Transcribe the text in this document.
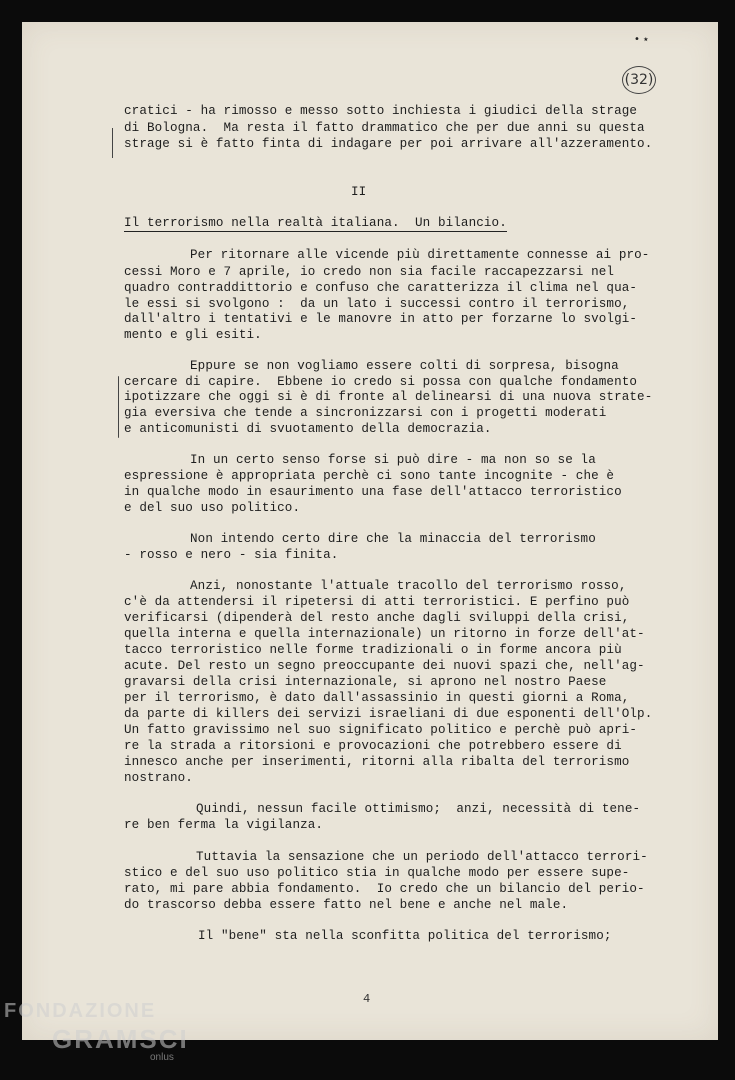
(32)
• ٭
cratici - ha rimosso e messo sotto inchiesta i giudici della strage
di Bologna.  Ma resta il fatto drammatico che per due anni su questa
strage si è fatto finta di indagare per poi arrivare all'azzeramento.
II
Il terrorismo nella realtà italiana.  Un bilancio.
Per ritornare alle vicende più direttamente connesse ai pro-
cessi Moro e 7 aprile, io credo non sia facile raccapezzarsi nel
quadro contraddittorio e confuso che caratterizza il clima nel qua-
le essi si svolgono :  da un lato i successi contro il terrorismo,
dall'altro i tentativi e le manovre in atto per forzarne lo svolgi-
mento e gli esiti.
Eppure se non vogliamo essere colti di sorpresa, bisogna
cercare di capire.  Ebbene io credo si possa con qualche fondamento
ipotizzare che oggi si è di fronte al delinearsi di una nuova strate-
gia eversiva che tende a sincronizzarsi con i progetti moderati
e anticomunisti di svuotamento della democrazia.
In un certo senso forse si può dire - ma non so se la
espressione è appropriata perchè ci sono tante incognite - che è
in qualche modo in esaurimento una fase dell'attacco terroristico
e del suo uso politico.
Non intendo certo dire che la minaccia del terrorismo
- rosso e nero - sia finita.
Anzi, nonostante l'attuale tracollo del terrorismo rosso,
c'è da attendersi il ripetersi di atti terroristici. E perfino può
verificarsi (dipenderà del resto anche dagli sviluppi della crisi,
quella interna e quella internazionale) un ritorno in forze dell'at-
tacco terroristico nelle forme tradizionali o in forme ancora più
acute. Del resto un segno preoccupante dei nuovi spazi che, nell'ag-
gravarsi della crisi internazionale, si aprono nel nostro Paese
per il terrorismo, è dato dall'assassinio in questi giorni a Roma,
da parte di killers dei servizi israeliani di due esponenti dell'Olp.
Un fatto gravissimo nel suo significato politico e perchè può apri-
re la strada a ritorsioni e provocazioni che potrebbero essere di
innesco anche per inserimenti, ritorni alla ribalta del terrorismo
nostrano.
Quindi, nessun facile ottimismo;  anzi, necessità di tene-
re ben ferma la vigilanza.
Tuttavia la sensazione che un periodo dell'attacco terrori-
stico e del suo uso politico stia in qualche modo per essere supe-
rato, mi pare abbia fondamento.  Io credo che un bilancio del perio-
do trascorso debba essere fatto nel bene e anche nel male.
Il "bene" sta nella sconfitta politica del terrorismo;
4
FONDAZIONE
GRAMSCI
onlus
